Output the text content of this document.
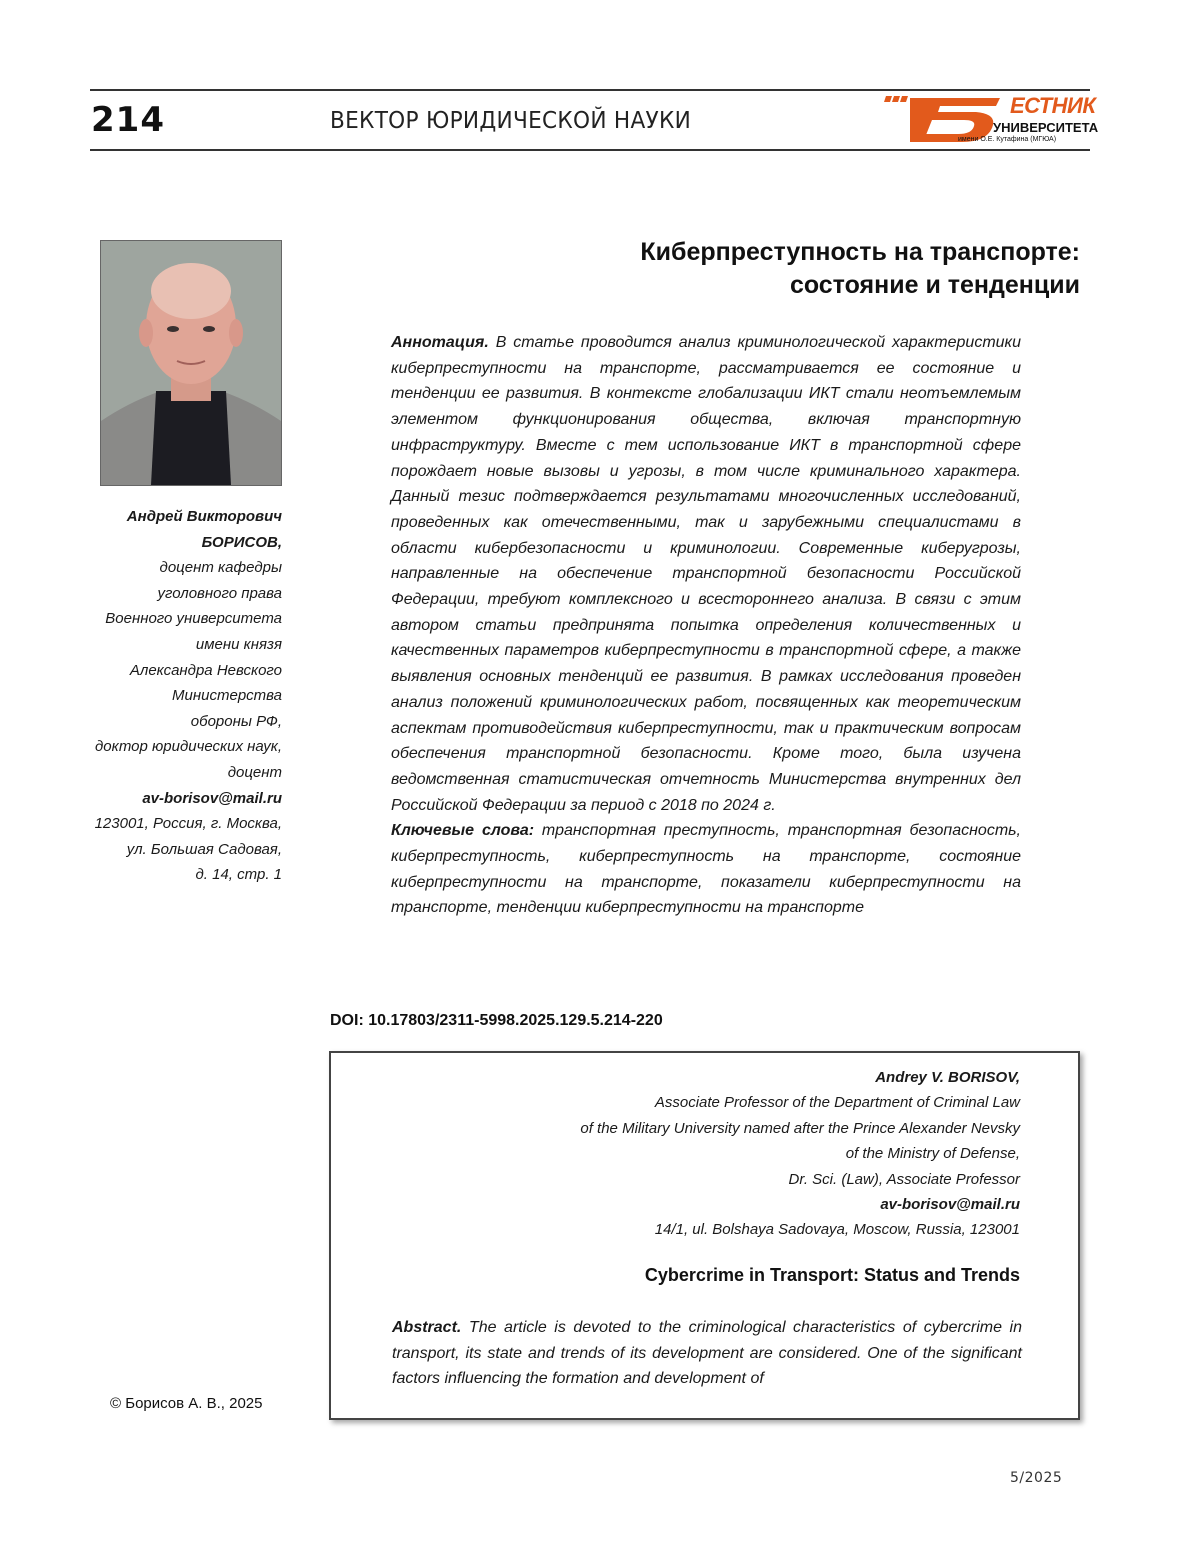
214	ВЕКТОР ЮРИДИЧЕСКОЙ НАУКИ
ЕСТНИК
УНИВЕРСИТЕТА
имени О.Е. Кутафина (МГЮА)
Андрей Викторович
БОРИСОВ,
доцент кафедры
уголовного права
Военного университета
имени князя
Александра Невского
Министерства
обороны РФ,
доктор юридических наук,
доцент
av-borisov@mail.ru
123001, Россия, г. Москва,
ул. Большая Садовая,
д. 14, стр. 1
Киберпреступность на транспорте:
состояние и тенденции

Аннотация. В статье проводится анализ криминологической характеристики киберпреступности на транспорте, рассматривается ее состояние и тенденции ее развития. В контексте глобализации ИКТ стали неотъемлемым элементом функционирования общества, включая транспортную инфраструктуру. Вместе с тем использование ИКТ в транспортной сфере порождает новые вызовы и угрозы, в том числе криминального характера. Данный тезис подтверждается результатами многочисленных исследований, проведенных как отечественными, так и зарубежными специалистами в области кибербезопасности и криминологии. Современные киберугрозы, направленные на обеспечение транспортной безопасности Российской Федерации, требуют комплексного и всестороннего анализа. В связи с этим автором статьи предпринята попытка определения количественных и качественных параметров киберпреступности в транспортной сфере, а также выявления основных тенденций ее развития. В рамках исследования проведен анализ положений криминологических работ, посвященных как теоретическим аспектам противодействия киберпреступности, так и практическим вопросам обеспечения транспортной безопасности. Кроме того, была изучена ведомственная статистическая отчетность Министерства внутренних дел Российской Федерации за период с 2018 по 2024 г.

Ключевые слова: транспортная преступность, транспортная безопасность, киберпреступность, киберпреступность на транспорте, состояние киберпреступности на транспорте, показатели киберпреступности на транспорте, тенденции киберпреступности на транспорте

DOI: 10.17803/2311-5998.2025.129.5.214-220
Andrey V. BORISOV,
Associate Professor of the Department of Criminal Law
of the Military University named after the Prince Alexander Nevsky
of the Ministry of Defense,
Dr. Sci. (Law), Associate Professor
av-borisov@mail.ru
14/1, ul. Bolshaya Sadovaya, Moscow, Russia, 123001
Cybercrime in Transport: Status and Trends
Abstract. The article is devoted to the criminological characteristics of cybercrime in transport, its state and trends of its development are considered. One of the significant factors influencing the formation and development of
© Борисов А. В., 2025
5/2025
